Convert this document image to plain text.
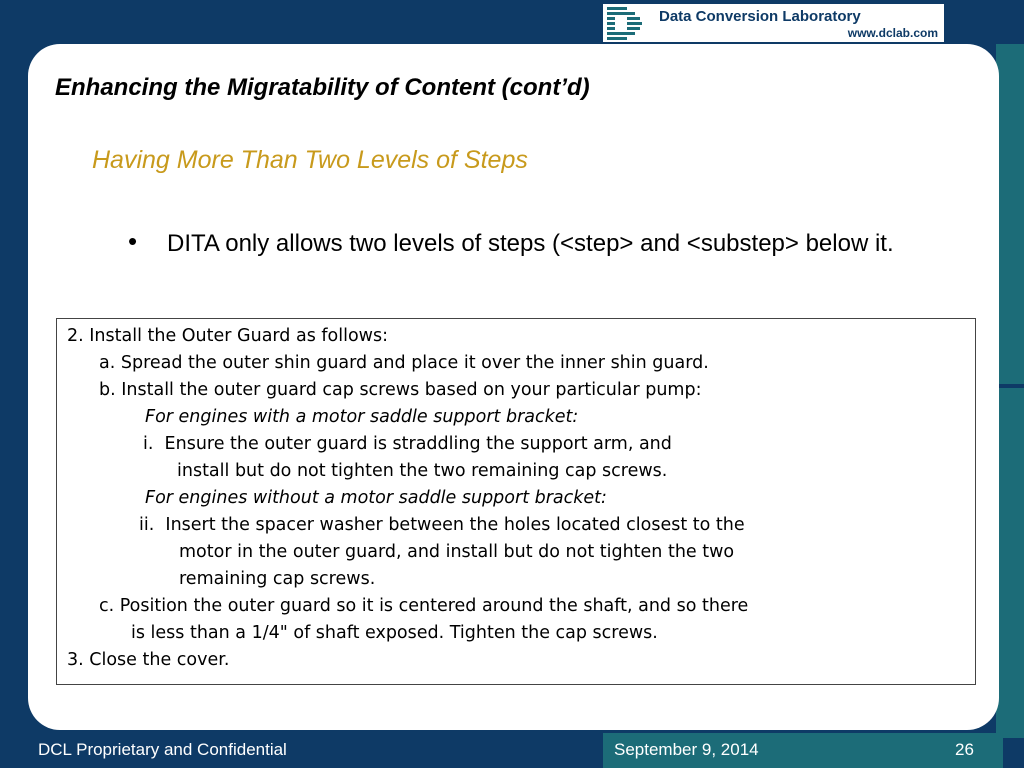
Data Conversion Laboratory
www.dclab.com
Enhancing the Migratability of Content (cont’d)
Having More Than Two Levels of Steps
• DITA only allows two levels of steps (<step> and <substep> below it.

2. Install the Outer Guard as follows:
a. Spread the outer shin guard and place it over the inner shin guard.
b. Install the outer guard cap screws based on your particular pump:
For engines with a motor saddle support bracket:
i.  Ensure the outer guard is straddling the support arm, and
install but do not tighten the two remaining cap screws.
For engines without a motor saddle support bracket:
ii.  Insert the spacer washer between the holes located closest to the
motor in the outer guard, and install but do not tighten the two
remaining cap screws.
c. Position the outer guard so it is centered around the shaft, and so there
is less than a 1/4" of shaft exposed. Tighten the cap screws.
3. Close the cover.
DCL Proprietary and Confidential	September 9, 2014	26
